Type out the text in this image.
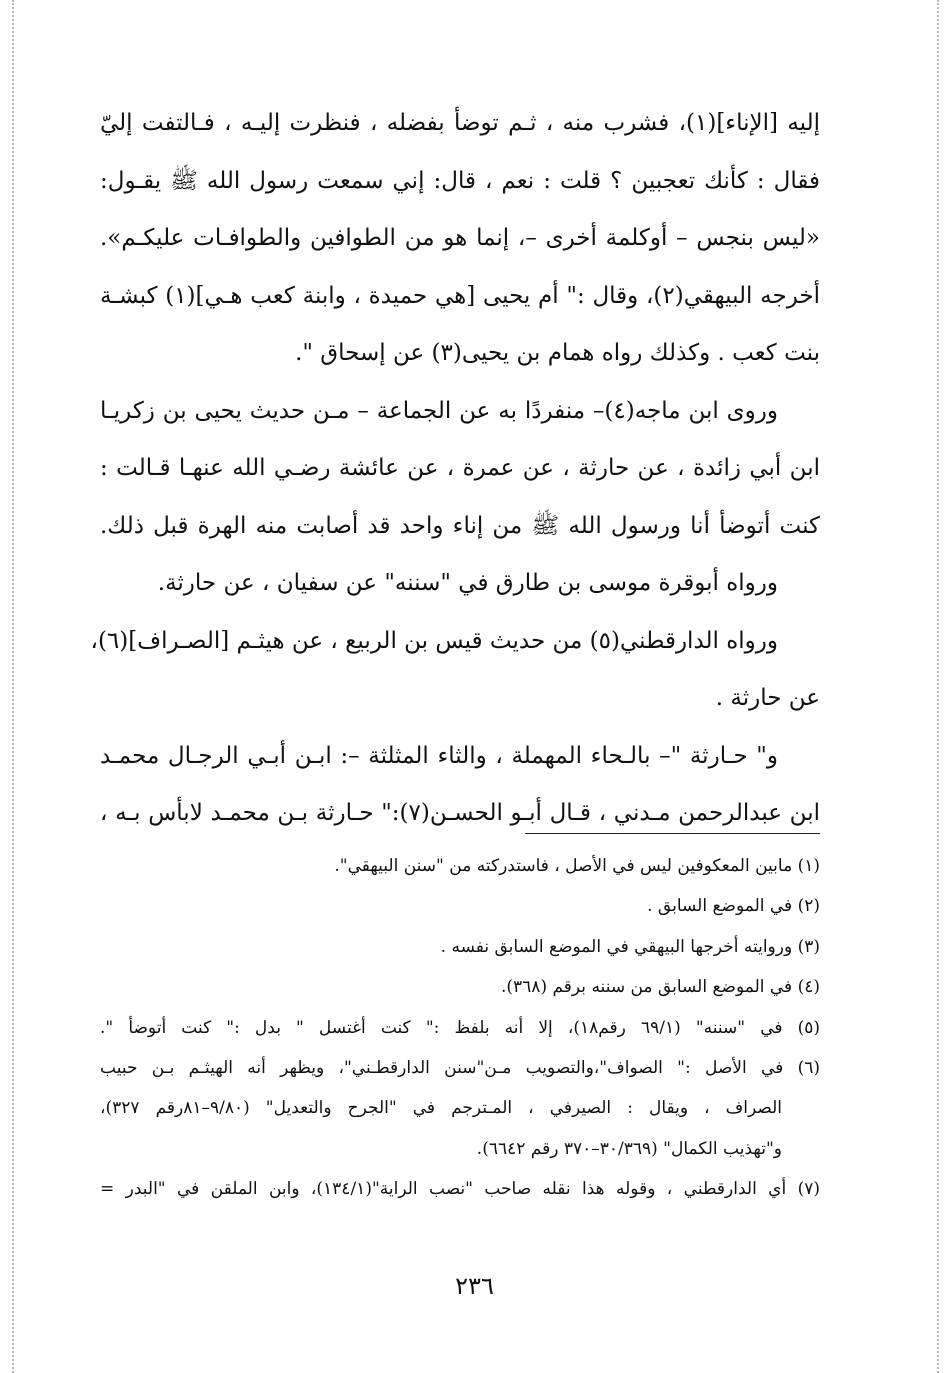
إليه [الإناء](١)، فشرب منه ، ثـم توضأ بفضله ، فنظرت إليـه ، فـالتفت إليّ
فقال : كأنك تعجبين ؟ قلت : نعم ، قال: إني سمعت رسول الله ﷺ يقـول:
«ليس بنجس – أوكلمة أخرى –، إنما هو من الطوافين والطوافـات عليكـم».
أخرجه البيهقي(٢)، وقال :" أم يحيى [هي حميدة ، وابنة كعب هـي](١) كبشـة
بنت كعب . وكذلك رواه همام بن يحيى(٣) عن إسحاق ".
وروى ابن ماجه(٤)– منفردًا به عن الجماعة – مـن حديث يحيى بن زكريـا
ابن أبي زائدة ، عن حارثة ، عن عمرة ، عن عائشة رضـي الله عنهـا قـالت :
كنت أتوضأ أنا ورسول الله ﷺ من إناء واحد قد أصابت منه الهرة قبل ذلك.
ورواه أبوقرة موسى بن طارق في "سننه" عن سفيان ، عن حارثة.
ورواه الدارقطني(٥) من حديث قيس بن الربيع ، عن هيثـم [الصـراف](٦)،
عن حارثة .
و" حـارثة "– بالـحاء المهملة ، والثاء المثلثة –: ابـن أبـي الرجـال محمـد
ابن عبدالرحمن مـدني ، قـال أبـو الحسـن(٧):" حـارثة بـن محمـد لابأس بـه ،
(١) مابين المعكوفين ليس في الأصل ، فاستدركته من "سنن البيهقي".
(٢) في الموضع السابق .
(٣) وروايته أخرجها البيهقي في الموضع السابق نفسه .
(٤) في الموضع السابق من سننه برقم (٣٦٨).
(٥) في "سننه" (٦٩/١ رقم١٨)، إلا أنه بلفظ :" كنت أغتسل " بدل :" كنت أتوضأ ".
(٦) في الأصل :" الصواف"،والتصويب مـن"سنن الدارقطـني"، ويظهر أنه الهيثـم بـن حبيب
الصراف ، ويقال : الصيرفي ، المـترجم في "الجرح والتعديل" (٩/٨٠–٨١رقم ٣٢٧)،
و"تهذيب الكمال" (٣٠/٣٦٩–٣٧٠ رقم ٦٦٤٢).
(٧) أي الدارقطني ، وقوله هذا نقله صاحب "نصب الراية"(١٣٤/١)، وابن الملقن في "البدر =
٢٣٦
